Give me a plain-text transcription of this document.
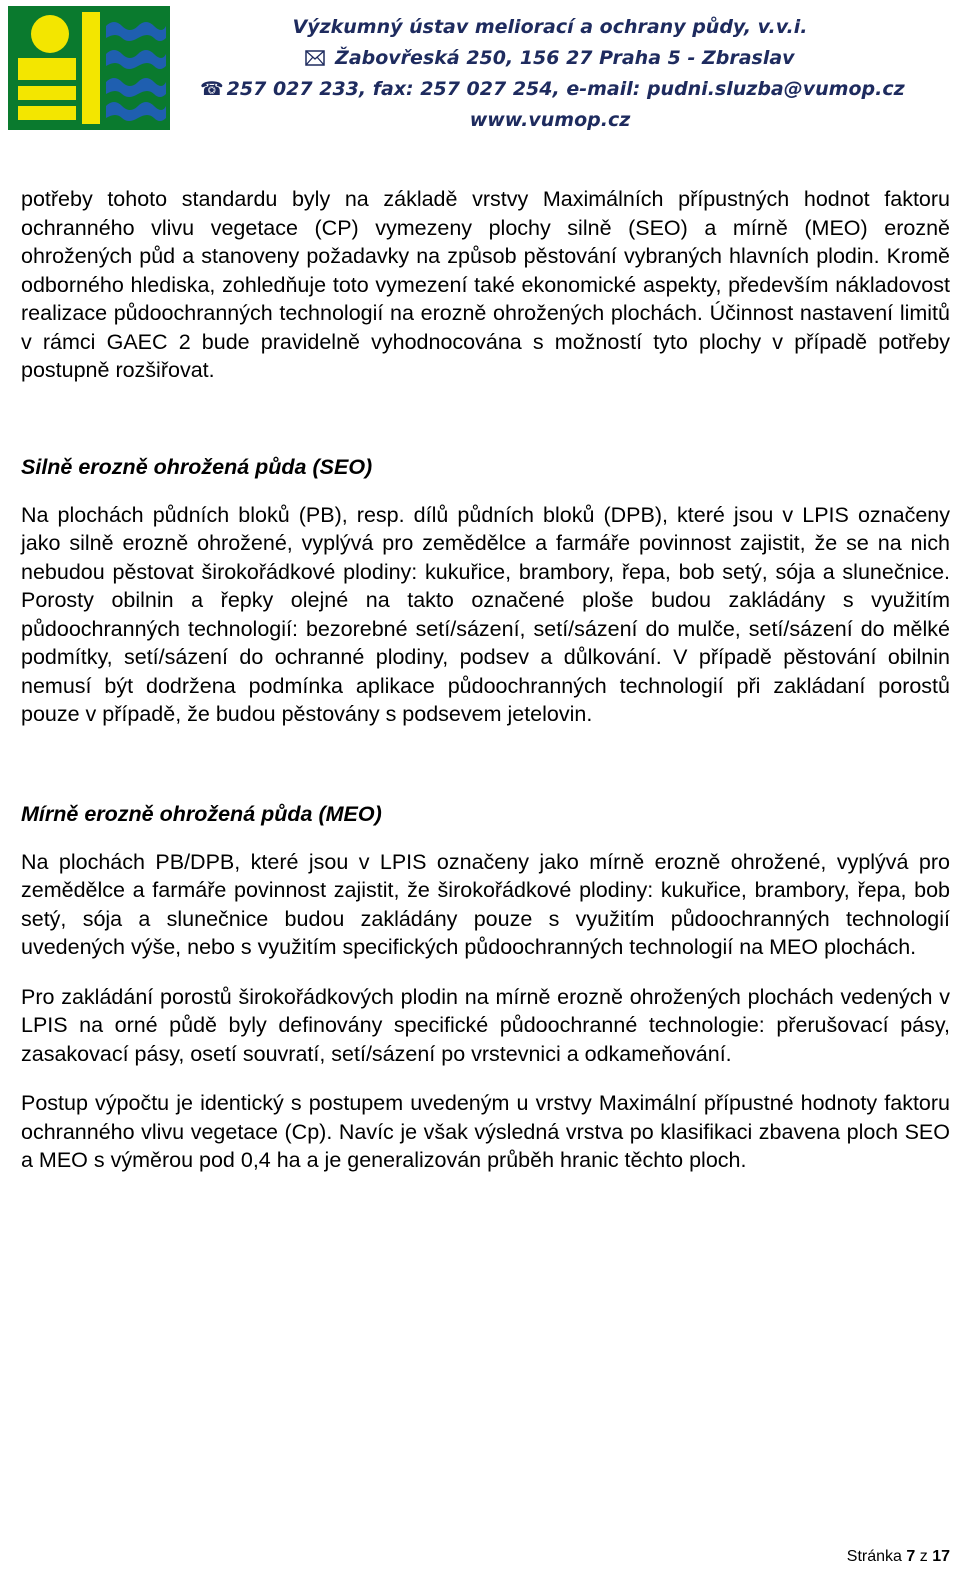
Výzkumný ústav meliorací a ochrany půdy, v.v.i.
Žabovřeská 250, 156 27 Praha 5 - Zbraslav
☎ 257 027 233, fax: 257 027 254, e-mail: pudni.sluzba@vumop.cz
www.vumop.cz

potřeby tohoto standardu byly na základě vrstvy Maximálních přípustných hodnot faktoru ochranného vlivu vegetace (CP) vymezeny plochy silně (SEO) a mírně (MEO) erozně ohrožených půd a stanoveny požadavky na způsob pěstování vybraných hlavních plodin. Kromě odborného hlediska, zohledňuje toto vymezení také ekonomické aspekty, především nákladovost realizace půdoochranných technologií na erozně ohrožených plochách. Účinnost nastavení limitů v rámci GAEC 2 bude pravidelně vyhodnocována s možností tyto plochy v případě potřeby postupně rozšiřovat.

Silně erozně ohrožená půda (SEO)

Na plochách půdních bloků (PB), resp. dílů půdních bloků (DPB), které jsou v LPIS označeny jako silně erozně ohrožené, vyplývá pro zemědělce a farmáře povinnost zajistit, že se na nich nebudou pěstovat širokořádkové plodiny: kukuřice, brambory, řepa, bob setý, sója a slunečnice. Porosty obilnin a řepky olejné na takto označené ploše budou zakládány s využitím půdoochranných technologií: bezorebné setí/sázení, setí/sázení do mulče, setí/sázení do mělké podmítky, setí/sázení do ochranné plodiny, podsev a důlkování. V případě pěstování obilnin nemusí být dodržena podmínka aplikace půdoochranných technologií při zakládaní porostů pouze v případě, že budou pěstovány s podsevem jetelovin.

Mírně erozně ohrožená půda (MEO)

Na plochách PB/DPB, které jsou v LPIS označeny jako mírně erozně ohrožené, vyplývá pro zemědělce a farmáře povinnost zajistit, že širokořádkové plodiny: kukuřice, brambory, řepa, bob setý, sója a slunečnice budou zakládány pouze s využitím půdoochranných technologií uvedených výše, nebo s využitím specifických půdoochranných technologií na MEO plochách.

Pro zakládání porostů širokořádkových plodin na mírně erozně ohrožených plochách vedených v LPIS na orné půdě byly definovány specifické půdoochranné technologie: přerušovací pásy, zasakovací pásy, osetí souvratí, setí/sázení po vrstevnici a odkameňování.

Postup výpočtu je identický s postupem uvedeným u vrstvy Maximální přípustné hodnoty faktoru ochranného vlivu vegetace (Cp). Navíc je však výsledná vrstva po klasifikaci zbavena ploch SEO a MEO s výměrou pod 0,4 ha a je generalizován průběh hranic těchto ploch.

Stránka 7 z 17
